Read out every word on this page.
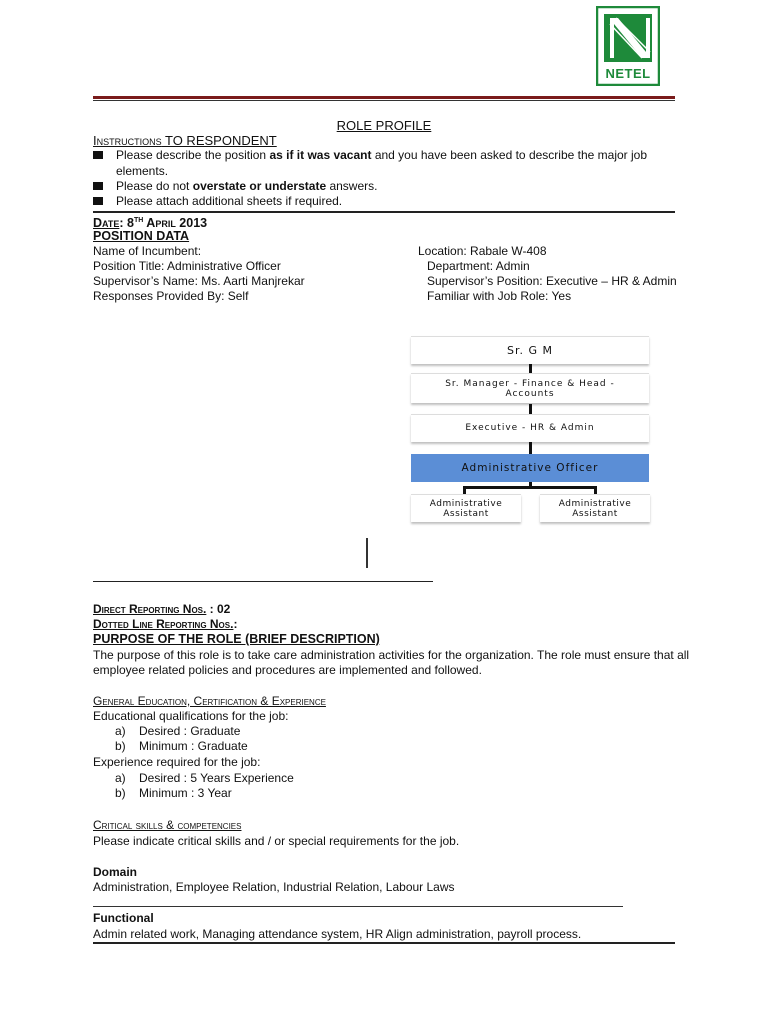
NETEL
ROLE PROFILE
Instructions TO RESPONDENT
Please describe the position as if it was vacant and you have been asked to describe the major job
elements.
Please do not overstate or understate answers.
Please attach additional sheets if required.
Date: 8TH April 2013
POSITION DATA
Name of Incumbent:
Position Title: Administrative Officer
Supervisor’s Name: Ms. Aarti Manjrekar
Responses Provided By: Self
Location: Rabale W-408
Department: Admin
Supervisor’s Position: Executive – HR & Admin
Familiar with Job Role: Yes
Sr. G M
Sr. Manager - Finance & Head - Accounts
Executive - HR & Admin
Administrative Officer
Administrative Assistant
Administrative Assistant
Direct Reporting Nos. : 02
Dotted Line Reporting Nos.:
PURPOSE OF THE ROLE (BRIEF DESCRIPTION)
The purpose of this role is to take care administration activities for the organization. The role must ensure that all
employee related policies and procedures are implemented and followed.
General Education, Certification & Experience
Educational qualifications for the job:
a) Desired : Graduate
b) Minimum : Graduate
Experience required for the job:
a) Desired : 5 Years Experience
b) Minimum : 3 Year
Critical skills & competencies
Please indicate critical skills and / or special requirements for the job.
Domain
Administration, Employee Relation, Industrial Relation, Labour Laws
Functional
Admin related work, Managing attendance system, HR Align administration, payroll process.
